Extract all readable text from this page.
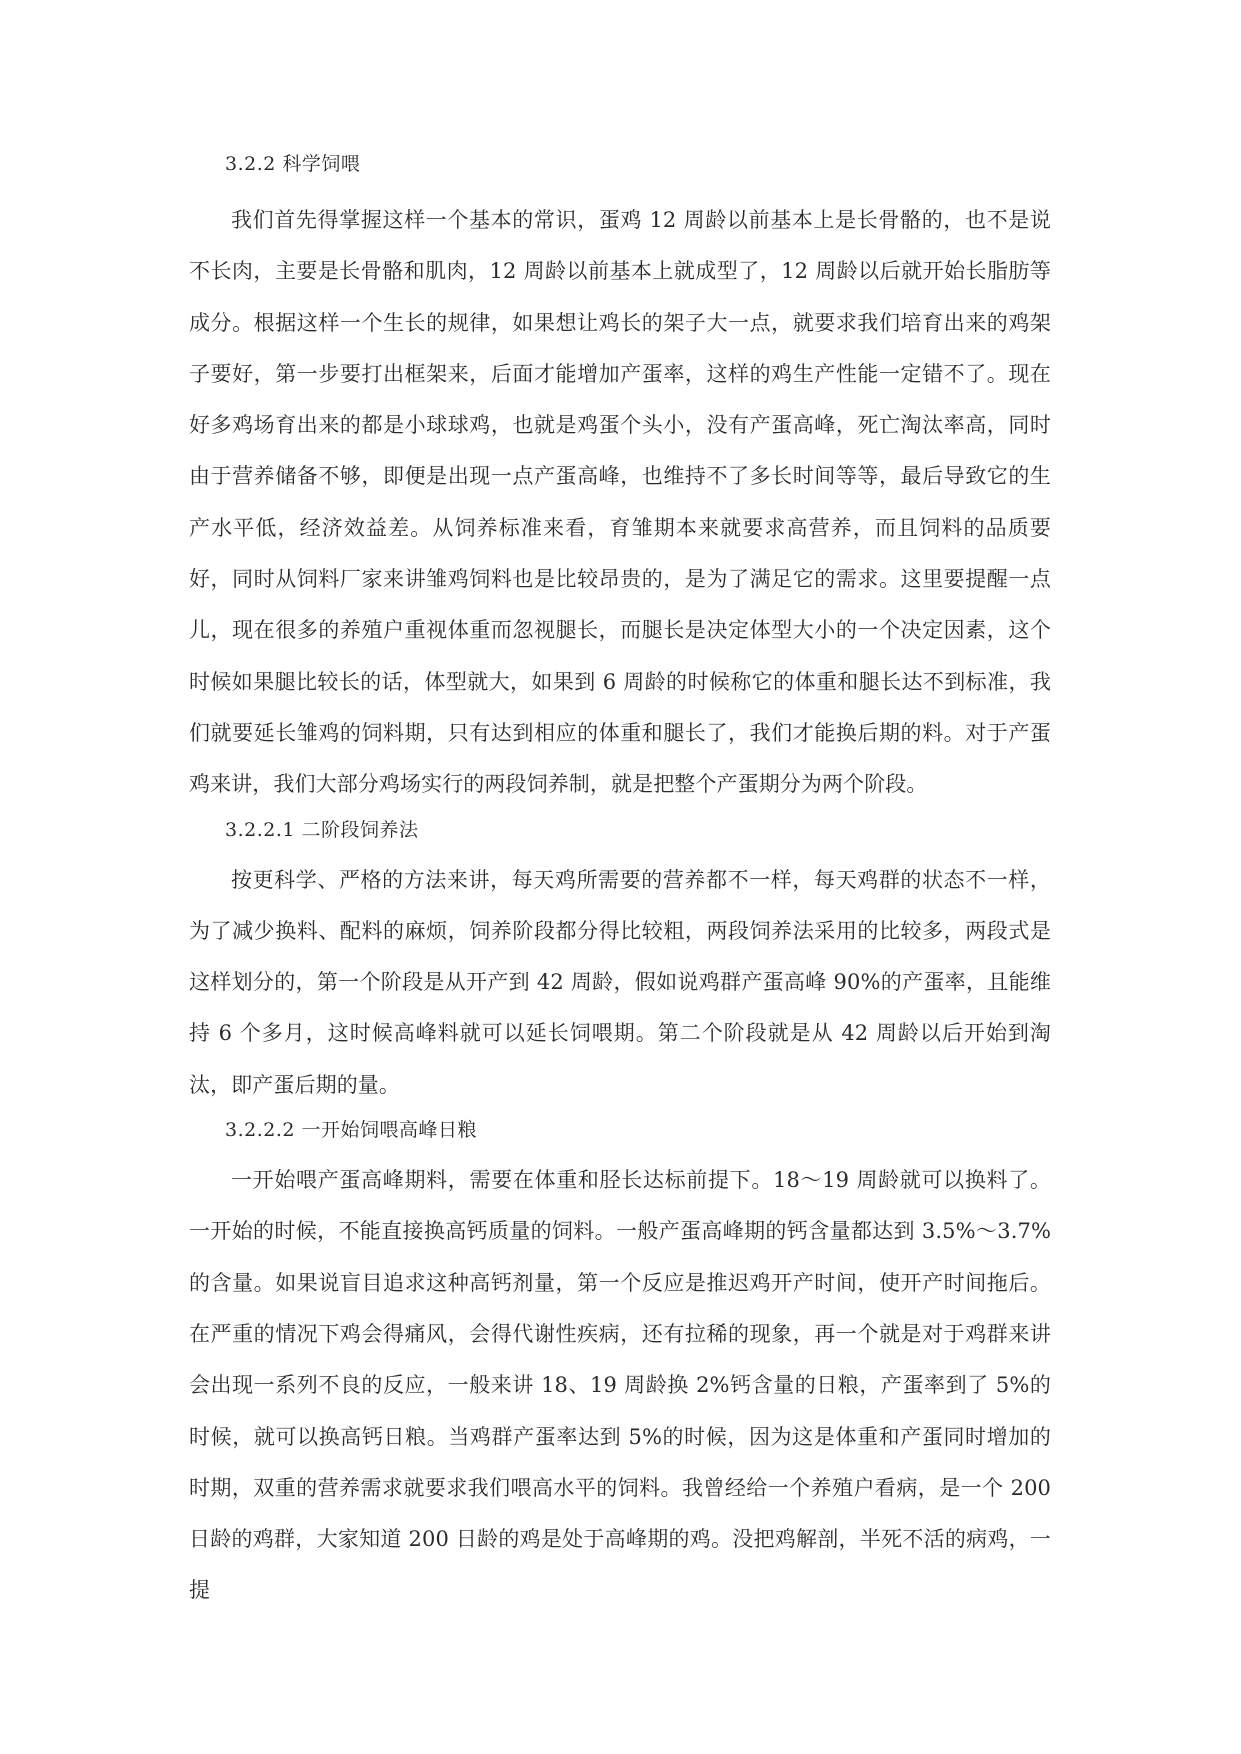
3.2.2 科学饲喂

我们首先得掌握这样一个基本的常识，蛋鸡 12 周龄以前基本上是长骨骼的，也不是说不长肉，主要是长骨骼和肌肉，12 周龄以前基本上就成型了，12 周龄以后就开始长脂肪等成分。根据这样一个生长的规律，如果想让鸡长的架子大一点，就要求我们培育出来的鸡架子要好，第一步要打出框架来，后面才能增加产蛋率，这样的鸡生产性能一定错不了。现在好多鸡场育出来的都是小球球鸡，也就是鸡蛋个头小，没有产蛋高峰，死亡淘汰率高，同时由于营养储备不够，即便是出现一点产蛋高峰，也维持不了多长时间等等，最后导致它的生产水平低，经济效益差。从饲养标准来看，育雏期本来就要求高营养，而且饲料的品质要好，同时从饲料厂家来讲雏鸡饲料也是比较昂贵的，是为了满足它的需求。这里要提醒一点儿，现在很多的养殖户重视体重而忽视腿长，而腿长是决定体型大小的一个决定因素，这个时候如果腿比较长的话，体型就大，如果到 6 周龄的时候称它的体重和腿长达不到标准，我们就要延长雏鸡的饲料期，只有达到相应的体重和腿长了，我们才能换后期的料。对于产蛋鸡来讲，我们大部分鸡场实行的两段饲养制，就是把整个产蛋期分为两个阶段。

3.2.2.1 二阶段饲养法

按更科学、严格的方法来讲，每天鸡所需要的营养都不一样，每天鸡群的状态不一样，为了减少换料、配料的麻烦，饲养阶段都分得比较粗，两段饲养法采用的比较多，两段式是这样划分的，第一个阶段是从开产到 42 周龄，假如说鸡群产蛋高峰 90%的产蛋率，且能维持 6 个多月，这时候高峰料就可以延长饲喂期。第二个阶段就是从 42 周龄以后开始到淘汰，即产蛋后期的量。

3.2.2.2 一开始饲喂高峰日粮

一开始喂产蛋高峰期料，需要在体重和胫长达标前提下。18～19 周龄就可以换料了。一开始的时候，不能直接换高钙质量的饲料。一般产蛋高峰期的钙含量都达到 3.5%～3.7%的含量。如果说盲目追求这种高钙剂量，第一个反应是推迟鸡开产时间，使开产时间拖后。在严重的情况下鸡会得痛风，会得代谢性疾病，还有拉稀的现象，再一个就是对于鸡群来讲会出现一系列不良的反应，一般来讲 18、19 周龄换 2%钙含量的日粮，产蛋率到了 5%的时候，就可以换高钙日粮。当鸡群产蛋率达到 5%的时候，因为这是体重和产蛋同时增加的时期，双重的营养需求就要求我们喂高水平的饲料。我曾经给一个养殖户看病，是一个 200 日龄的鸡群，大家知道 200 日龄的鸡是处于高峰期的鸡。没把鸡解剖，半死不活的病鸡，一提
